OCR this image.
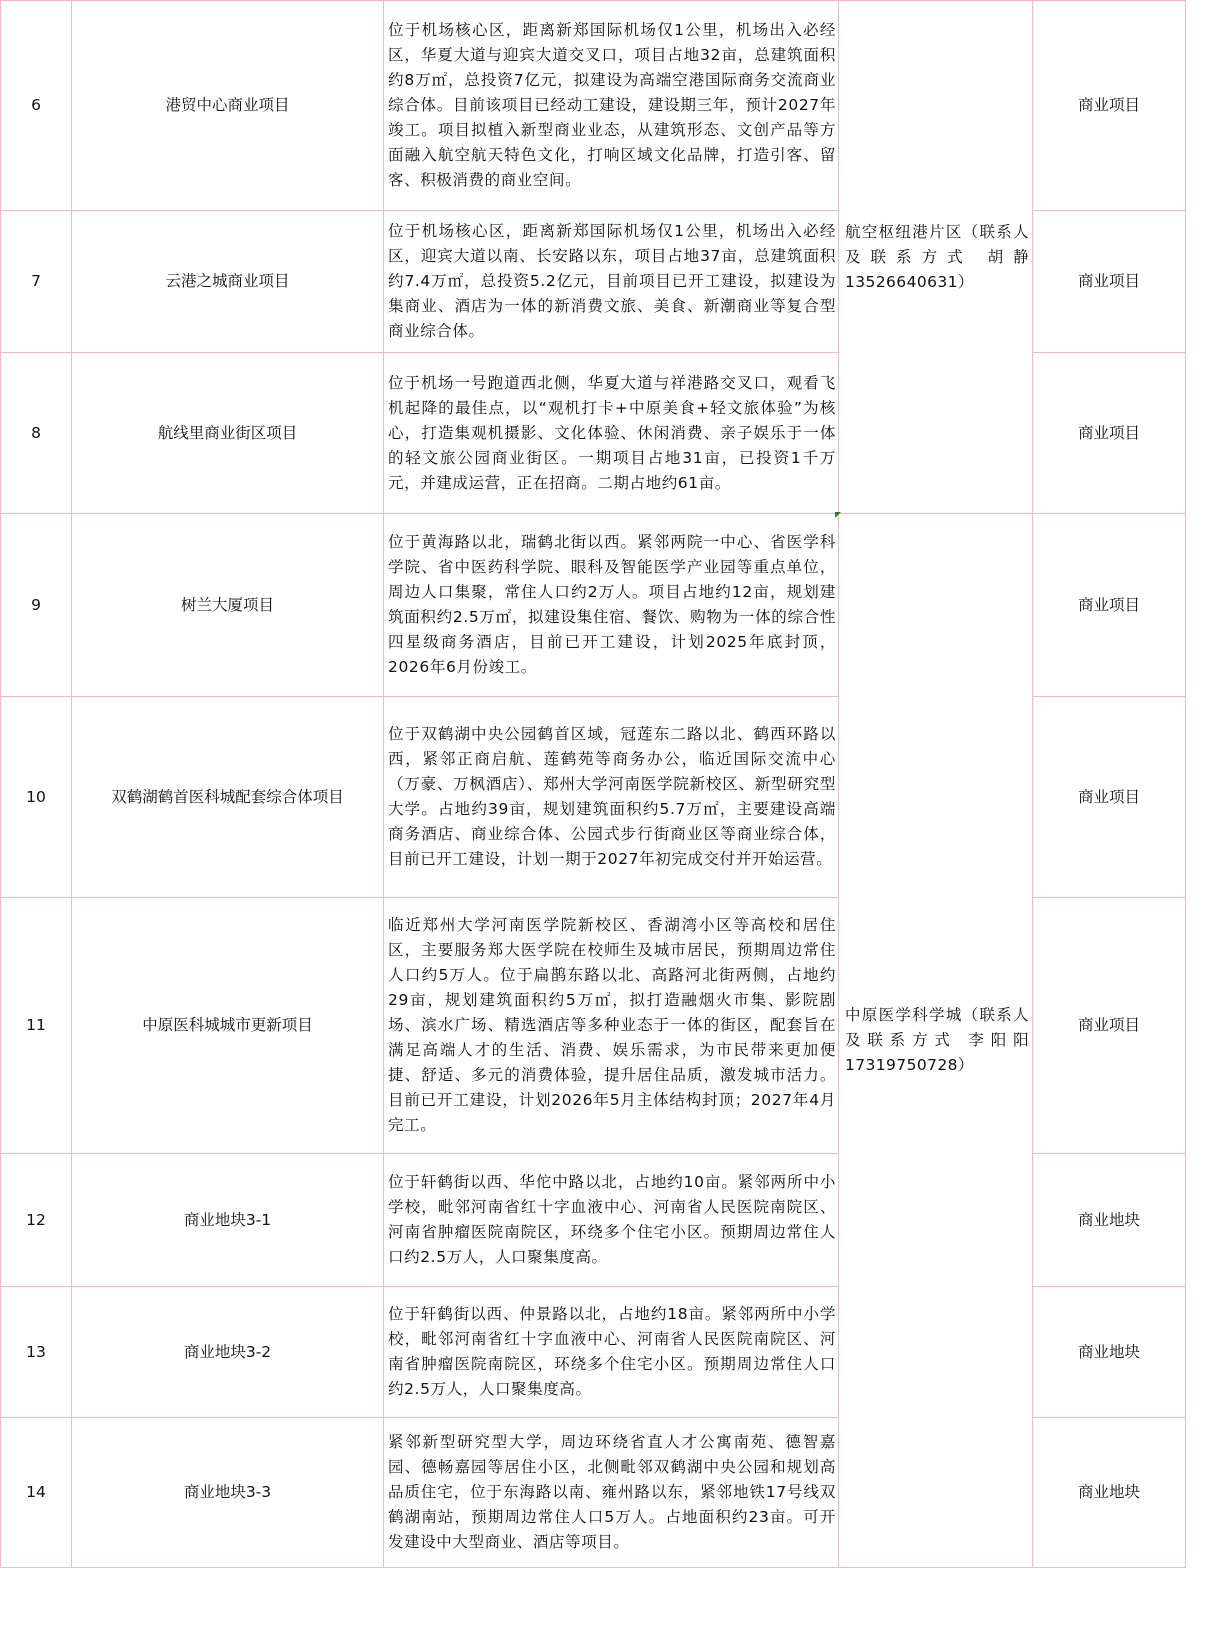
6	港贸中心商业项目	位于机场核心区，距离新郑国际机场仅1公里，机场出入必经区，华夏大道与迎宾大道交叉口，项目占地32亩，总建筑面积约8万㎡，总投资7亿元，拟建设为高端空港国际商务交流商业综合体。目前该项目已经动工建设，建设期三年，预计2027年竣工。项目拟植入新型商业业态，从建筑形态、文创产品等方面融入航空航天特色文化，打响区域文化品牌，打造引客、留客、积极消费的商业空间。	航空枢纽港片区（联系人及联系方式 胡静 13526640631）	商业项目
7	云港之城商业项目	位于机场核心区，距离新郑国际机场仅1公里，机场出入必经区，迎宾大道以南、长安路以东，项目占地37亩，总建筑面积约7.4万㎡，总投资5.2亿元，目前项目已开工建设，拟建设为集商业、酒店为一体的新消费文旅、美食、新潮商业等复合型商业综合体。		商业项目
8	航线里商业街区项目	位于机场一号跑道西北侧，华夏大道与祥港路交叉口，观看飞机起降的最佳点，以“观机打卡+中原美食+轻文旅体验”为核心，打造集观机摄影、文化体验、休闲消费、亲子娱乐于一体的轻文旅公园商业街区。一期项目占地31亩，已投资1千万元，并建成运营，正在招商。二期占地约61亩。		商业项目
9	树兰大厦项目	位于黄海路以北，瑞鹤北街以西。紧邻两院一中心、省医学科学院、省中医药科学院、眼科及智能医学产业园等重点单位，周边人口集聚，常住人口约2万人。项目占地约12亩，规划建筑面积约2.5万㎡，拟建设集住宿、餐饮、购物为一体的综合性四星级商务酒店，目前已开工建设，计划2025年底封顶，2026年6月份竣工。	中原医学科学城（联系人及联系方式 李阳阳 17319750728）	商业项目
10	双鹤湖鹤首医科城配套综合体项目	位于双鹤湖中央公园鹤首区域，冠莲东二路以北、鹤西环路以西，紧邻正商启航、莲鹤苑等商务办公，临近国际交流中心（万豪、万枫酒店）、郑州大学河南医学院新校区、新型研究型大学。占地约39亩，规划建筑面积约5.7万㎡，主要建设高端商务酒店、商业综合体、公园式步行街商业区等商业综合体，目前已开工建设，计划一期于2027年初完成交付并开始运营。		商业项目
11	中原医科城城市更新项目	临近郑州大学河南医学院新校区、香湖湾小区等高校和居住区，主要服务郑大医学院在校师生及城市居民，预期周边常住人口约5万人。位于扁鹊东路以北、高路河北街两侧，占地约29亩，规划建筑面积约5万㎡，拟打造融烟火市集、影院剧场、滨水广场、精选酒店等多种业态于一体的街区，配套旨在满足高端人才的生活、消费、娱乐需求，为市民带来更加便捷、舒适、多元的消费体验，提升居住品质，激发城市活力。目前已开工建设，计划2026年5月主体结构封顶；2027年4月完工。		商业项目
12	商业地块3-1	位于轩鹤街以西、华佗中路以北，占地约10亩。紧邻两所中小学校，毗邻河南省红十字血液中心、河南省人民医院南院区、河南省肿瘤医院南院区，环绕多个住宅小区。预期周边常住人口约2.5万人，人口聚集度高。		商业地块
13	商业地块3-2	位于轩鹤街以西、仲景路以北，占地约18亩。紧邻两所中小学校，毗邻河南省红十字血液中心、河南省人民医院南院区、河南省肿瘤医院南院区，环绕多个住宅小区。预期周边常住人口约2.5万人，人口聚集度高。		商业地块
14	商业地块3-3	紧邻新型研究型大学，周边环绕省直人才公寓南苑、德智嘉园、德畅嘉园等居住小区，北侧毗邻双鹤湖中央公园和规划高品质住宅，位于东海路以南、雍州路以东，紧邻地铁17号线双鹤湖南站，预期周边常住人口5万人。占地面积约23亩。可开发建设中大型商业、酒店等项目。		商业地块
